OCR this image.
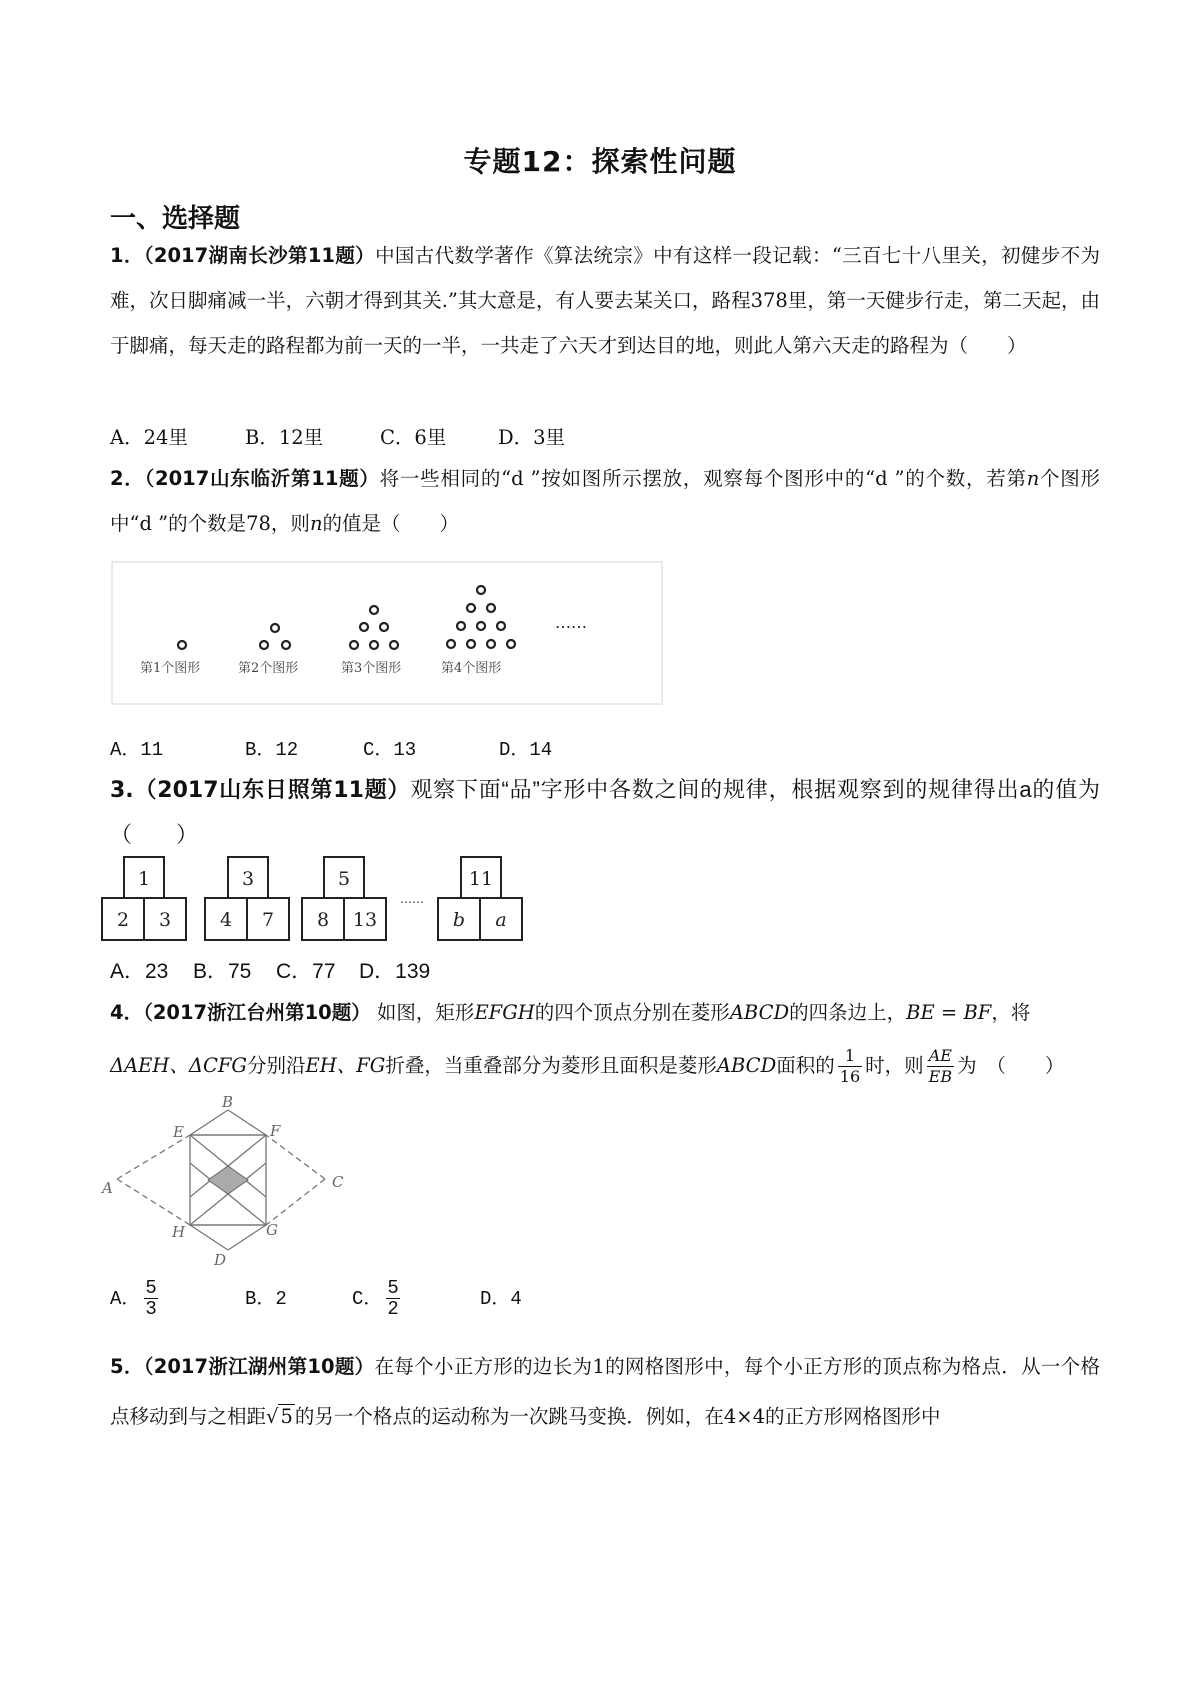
专题12：探索性问题
一、选择题
1．（2017湖南长沙第11题）中国古代数学著作《算法统宗》中有这样一段记载：“三百七十八里关，初健步不为难，次日脚痛减一半，六朝才得到其关.”其大意是，有人要去某关口，路程378里，第一天健步行走，第二天起，由于脚痛，每天走的路程都为前一天的一半，一共走了六天才到达目的地，则此人第六天走的路程为（　　）
A．24里	B．12里	C．6里	D．3里
2．（2017山东临沂第11题）将一些相同的“d ”按如图所示摆放，观察每个图形中的“d ”的个数，若第n个图形中“d ”的个数是78，则n的值是（　　）
……
第1个图形	第2个图形	第3个图形	第4个图形
A．11	B．12	C．13	D．14
3.（2017山东日照第11题）观察下面“品”字形中各数之间的规律，根据观察到的规律得出a的值为（　　）
1
2 3
3
4 7
5
8 13
11
b a
……
A．23 B．75 C．77 D．139
4．（2017浙江台州第10题） 如图，矩形EFGH的四个顶点分别在菱形ABCD的四条边上，BE = BF，将
ΔAEH、ΔCFG分别沿EH、FG折叠，当重叠部分为菱形且面积是菱形ABCD面积的 $\frac{1}{16}$ 时，则 $\frac{AE}{EB}$ 为　（　　）
B
E	F
A	C
H	G
D
A． $\frac{5}{3}$	B．2	C． $\frac{5}{2}$	D．4
5．（2017浙江湖州第10题）在每个小正方形的边长为1的网格图形中，每个小正方形的顶点称为格点．从一个格点移动到与之相距√ 5 的另一个格点的运动称为一次跳马变换．例如，在4×4的正方形网格图形中
